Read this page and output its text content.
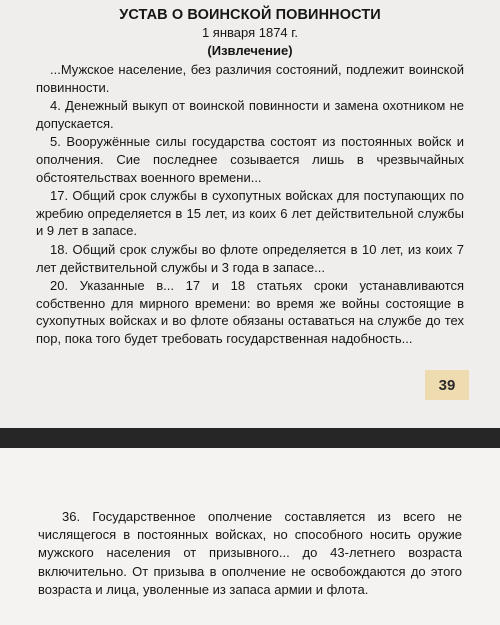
УСТАВ О ВОИНСКОЙ ПОВИННОСТИ

1 января 1874 г.

(Извлечение)

...Мужское население, без различия состояний, подлежит воинской повинности.

4. Денежный выкуп от воинской повинности и замена охотником не допускается.

5. Вооружённые силы государства состоят из постоянных войск и ополчения. Сие последнее созывается лишь в чрезвычайных обстоятельствах военного времени...

17. Общий срок службы в сухопутных войсках для поступающих по жребию определяется в 15 лет, из коих 6 лет действительной службы и 9 лет в запасе.

18. Общий срок службы во флоте определяется в 10 лет, из коих 7 лет действительной службы и 3 года в запасе...

20. Указанные в... 17 и 18 статьях сроки устанавливаются собственно для мирного времени: во время же войны состоящие в сухопутных войсках и во флоте обязаны оставаться на службе до тех пор, пока того будет требовать государственная надобность...

39

36. Государственное ополчение составляется из всего не числящегося в постоянных войсках, но способного носить оружие мужского населения от призывного... до 43-летнего возраста включительно. От призыва в ополчение не освобождаются до этого возраста и лица, уволенные из запаса армии и флота.
